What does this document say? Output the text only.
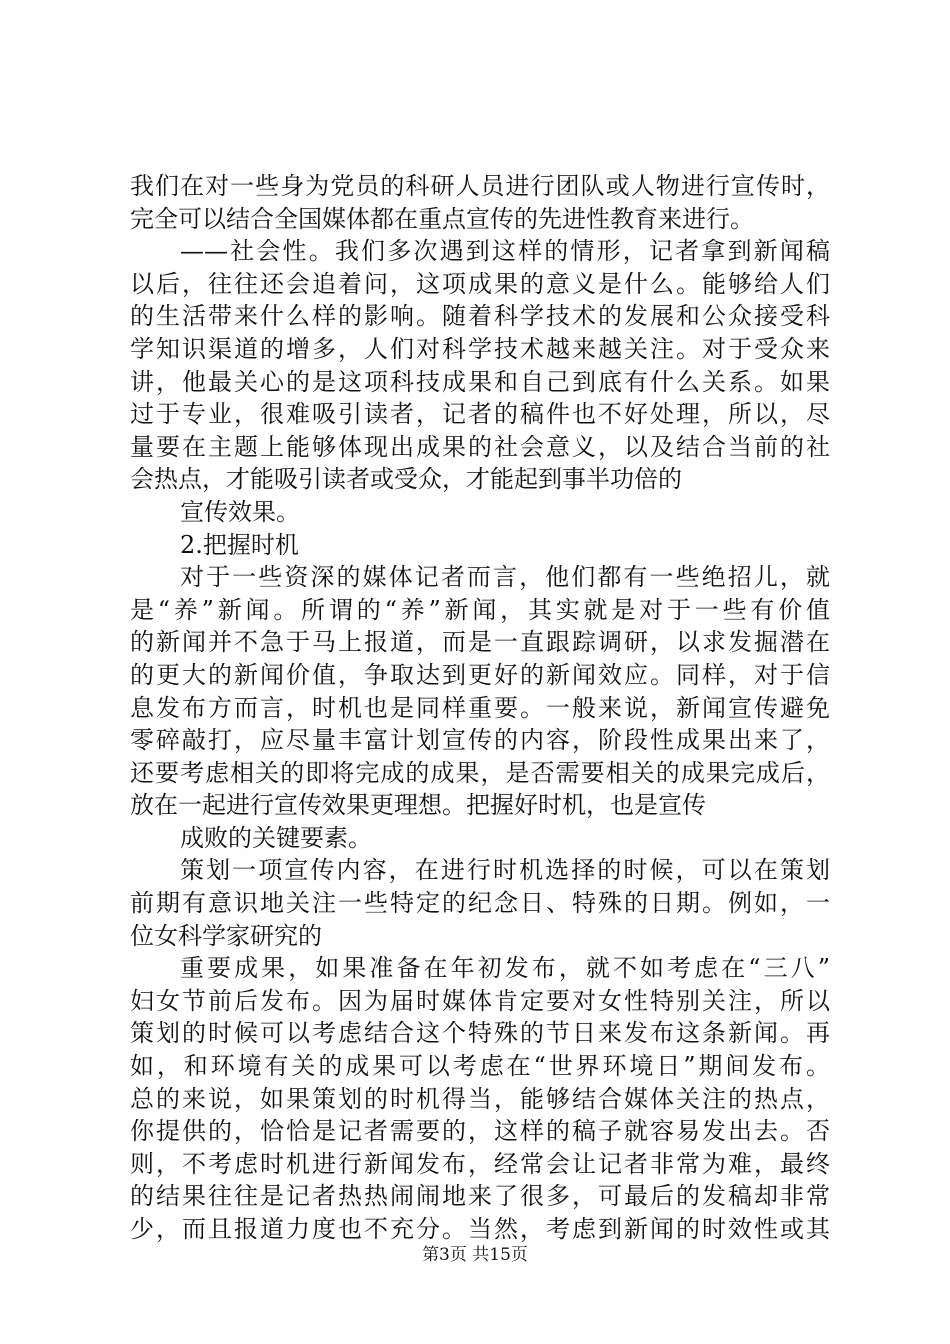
我们在对一些身为党员的科研人员进行团队或人物进行宣传时，
完全可以结合全国媒体都在重点宣传的先进性教育来进行。
——社会性。我们多次遇到这样的情形，记者拿到新闻稿
以后，往往还会追着问，这项成果的意义是什么。能够给人们
的生活带来什么样的影响。随着科学技术的发展和公众接受科
学知识渠道的增多，人们对科学技术越来越关注。对于受众来
讲，他最关心的是这项科技成果和自己到底有什么关系。如果
过于专业，很难吸引读者，记者的稿件也不好处理，所以，尽
量要在主题上能够体现出成果的社会意义，以及结合当前的社
会热点，才能吸引读者或受众，才能起到事半功倍的
宣传效果。
2.把握时机
对于一些资深的媒体记者而言，他们都有一些绝招儿，就
是“养”新闻。所谓的“养”新闻，其实就是对于一些有价值
的新闻并不急于马上报道，而是一直跟踪调研，以求发掘潜在
的更大的新闻价值，争取达到更好的新闻效应。同样，对于信
息发布方而言，时机也是同样重要。一般来说，新闻宣传避免
零碎敲打，应尽量丰富计划宣传的内容，阶段性成果出来了，
还要考虑相关的即将完成的成果，是否需要相关的成果完成后，
放在一起进行宣传效果更理想。把握好时机，也是宣传
成败的关键要素。
策划一项宣传内容，在进行时机选择的时候，可以在策划
前期有意识地关注一些特定的纪念日、特殊的日期。例如，一
位女科学家研究的
重要成果，如果准备在年初发布，就不如考虑在“三八”
妇女节前后发布。因为届时媒体肯定要对女性特别关注，所以
策划的时候可以考虑结合这个特殊的节日来发布这条新闻。再
如，和环境有关的成果可以考虑在“世界环境日”期间发布。
总的来说，如果策划的时机得当，能够结合媒体关注的热点，
你提供的，恰恰是记者需要的，这样的稿子就容易发出去。否
则，不考虑时机进行新闻发布，经常会让记者非常为难，最终
的结果往往是记者热热闹闹地来了很多，可最后的发稿却非常
少，而且报道力度也不充分。当然，考虑到新闻的时效性或其
第3页 共15页
